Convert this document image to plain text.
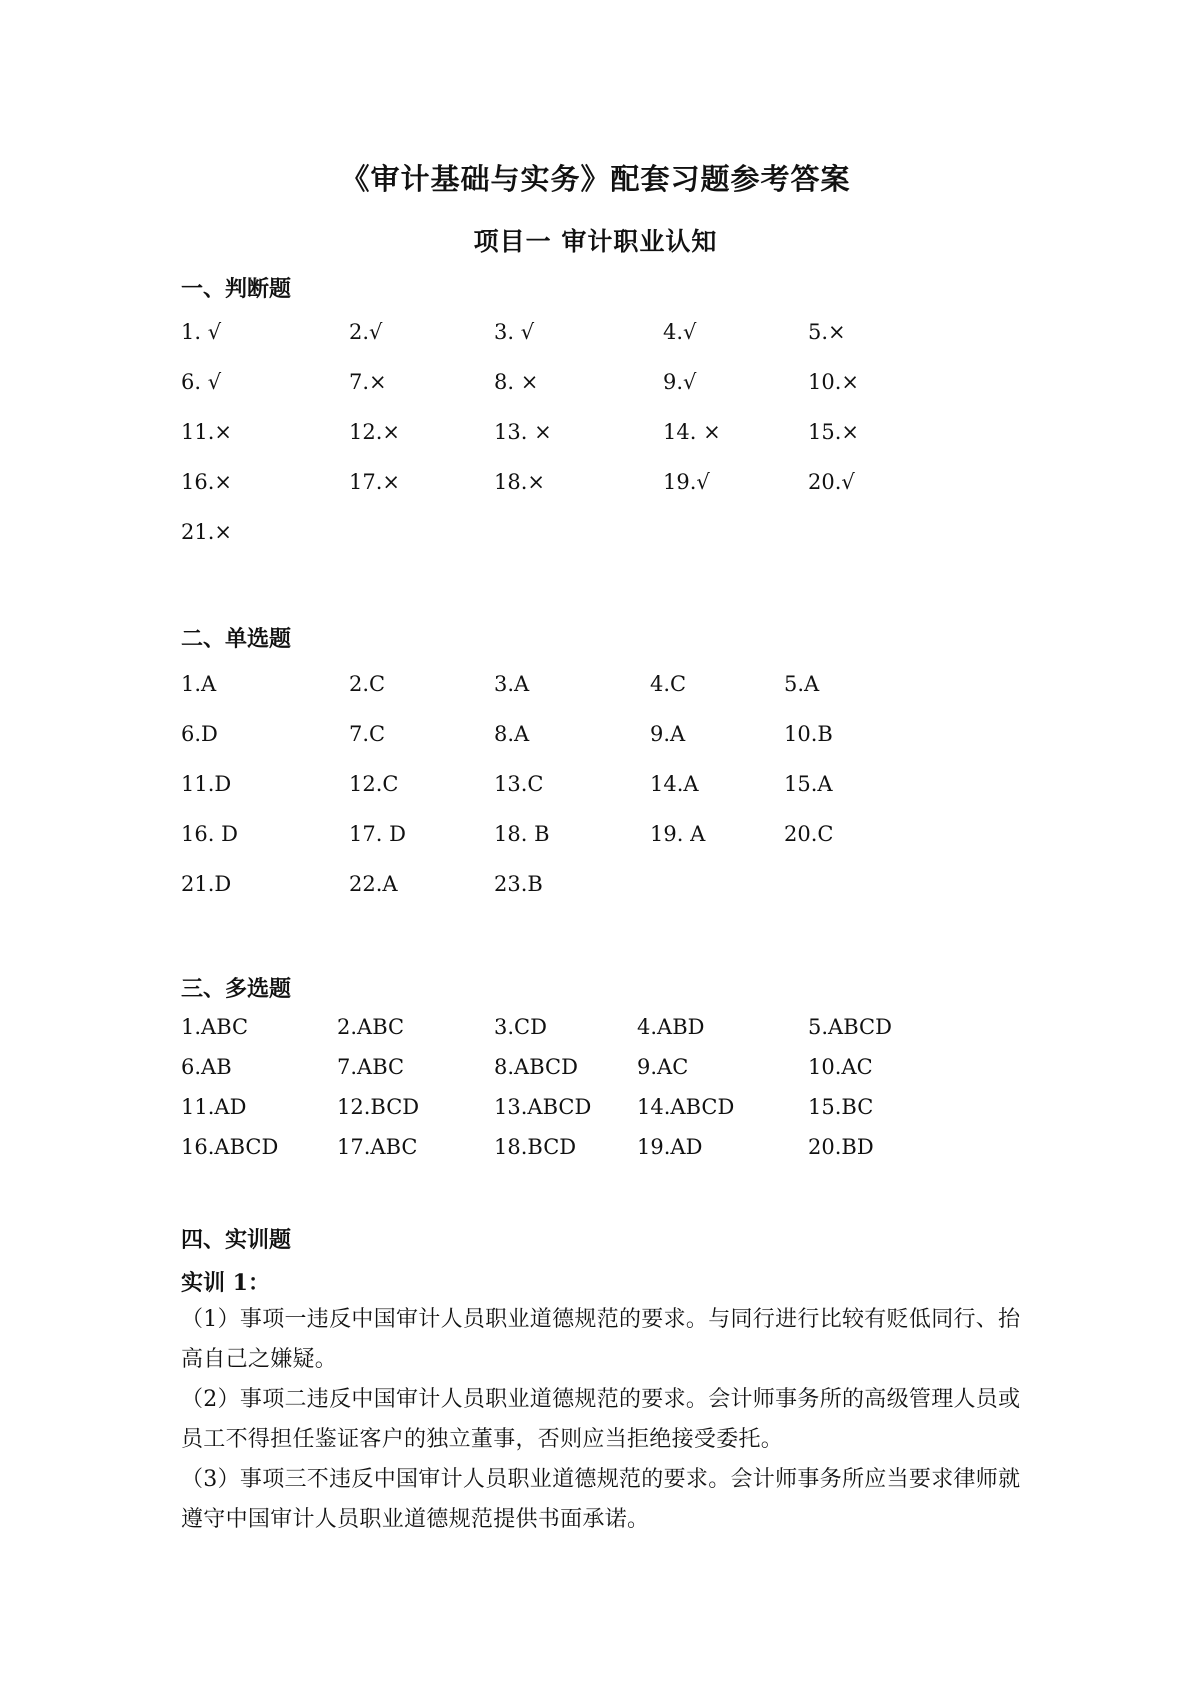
《审计基础与实务》配套习题参考答案
项目一 审计职业认知
一、判断题
1. √	2.√	3. √	4.√	5.×
6. √	7.×	8. ×	9.√	10.×
11.×	12.×	13. ×	14. ×	15.×
16.×	17.×	18.×	19.√	20.√
21.×
二、单选题
1.A	2.C	3.A	4.C	5.A
6.D	7.C	8.A	9.A	10.B
11.D	12.C	13.C	14.A	15.A
16. D	17. D	18. B	19. A	20.C
21.D	22.A	23.B
三、多选题
1.ABC	2.ABC	3.CD	4.ABD	5.ABCD
6.AB	7.ABC	8.ABCD	9.AC	10.AC
11.AD	12.BCD	13.ABCD 14.ABCD	15.BC
16.ABCD	17.ABC	18.BCD	19.AD	20.BD
四、实训题
实训 1：
（1）事项一违反中国审计人员职业道德规范的要求。与同行进行比较有贬低同行、抬高自己之嫌疑。
（2）事项二违反中国审计人员职业道德规范的要求。会计师事务所的高级管理人员或员工不得担任鉴证客户的独立董事，否则应当拒绝接受委托。
（3）事项三不违反中国审计人员职业道德规范的要求。会计师事务所应当要求律师就遵守中国审计人员职业道德规范提供书面承诺。
